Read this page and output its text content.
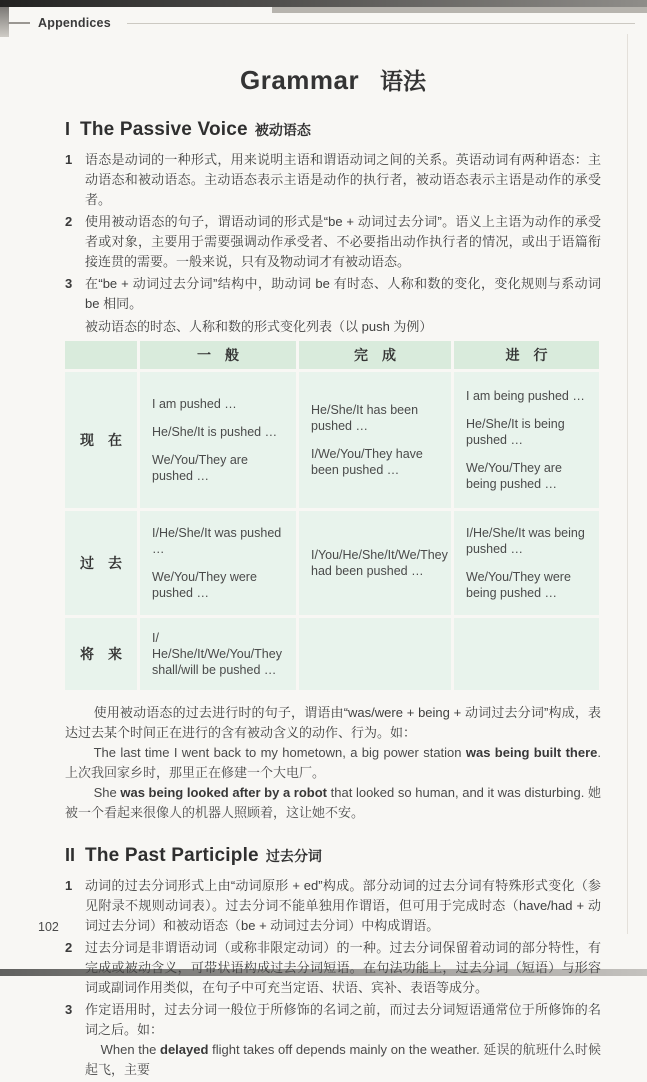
Appendices
Grammar 语法
I The Passive Voice 被动语态
1 语态是动词的一种形式，用来说明主语和谓语动词之间的关系。英语动词有两种语态：主动语态和被动语态。主动语态表示主语是动作的执行者，被动语态表示主语是动作的承受者。
2 使用被动语态的句子，谓语动词的形式是“be + 动词过去分词”。语义上主语为动作的承受者或对象，主要用于需要强调动作承受者、不必要指出动作执行者的情况，或出于语篇衔接连贯的需要。一般来说，只有及物动词才有被动语态。
3 在“be + 动词过去分词”结构中，助动词 be 有时态、人称和数的变化，变化规则与系动词 be 相同。
被动语态的时态、人称和数的形式变化列表（以 push 为例）
一　般	完　成	进　行
现　在
I am pushed …
He/She/It is pushed …
We/You/They are pushed …
He/She/It has been pushed …
I/We/You/They have been pushed …
I am being pushed …
He/She/It is being pushed …
We/You/They are being pushed …
过　去
I/He/She/It was pushed …
We/You/They were pushed …
I/You/He/She/It/We/They had been pushed …
I/He/She/It was being pushed …
We/You/They were being pushed …
将　来
I/ He/She/It/We/You/They shall/will be pushed …
使用被动语态的过去进行时的句子，谓语由“was/were + being + 动词过去分词”构成，表达过去某个时间正在进行的含有被动含义的动作、行为。如：
The last time I went back to my hometown, a big power station was being built there. 上次我回家乡时，那里正在修建一个大电厂。
She was being looked after by a robot that looked so human, and it was disturbing. 她被一个看起来很像人的机器人照顾着，这让她不安。
II The Past Participle 过去分词
1 动词的过去分词形式上由“动词原形 + ed”构成。部分动词的过去分词有特殊形式变化（参见附录不规则动词表）。过去分词不能单独用作谓语，但可用于完成时态（have/had + 动词过去分词）和被动语态（be + 动词过去分词）中构成谓语。
2 过去分词是非谓语动词（或称非限定动词）的一种。过去分词保留着动词的部分特性，有完成或被动含义，可带状语构成过去分词短语。在句法功能上，过去分词（短语）与形容词或副词作用类似，在句子中可充当定语、状语、宾补、表语等成分。
3 作定语用时，过去分词一般位于所修饰的名词之前，而过去分词短语通常位于所修饰的名词之后。如：
When the delayed flight takes off depends mainly on the weather. 延误的航班什么时候起飞，主要
102
